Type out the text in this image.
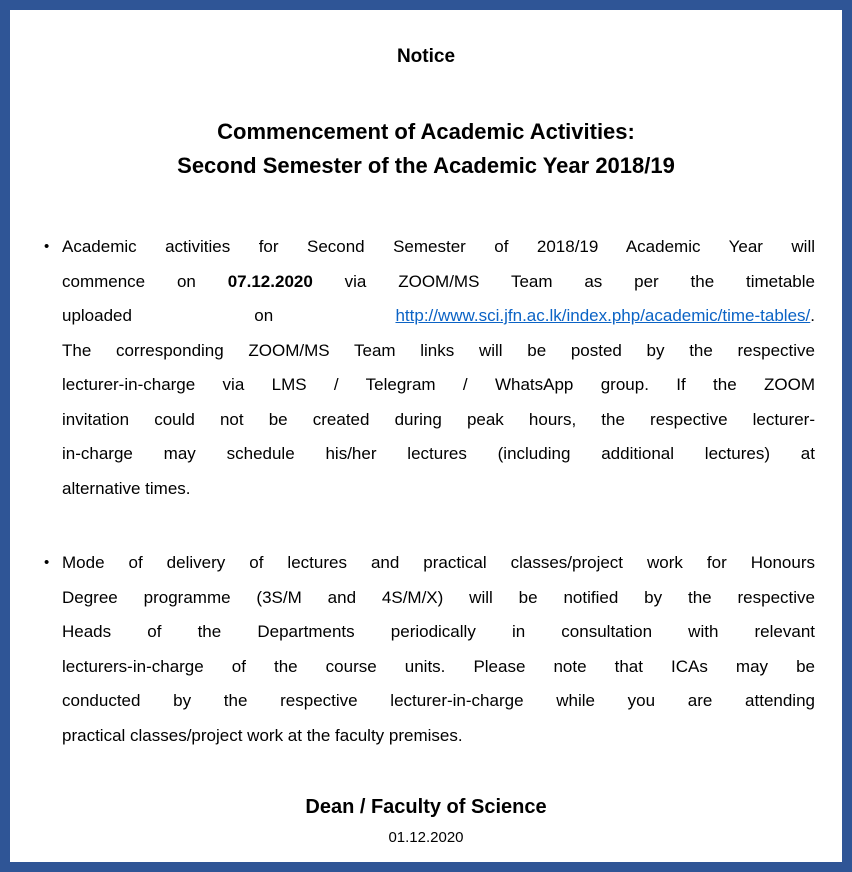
Notice
Commencement of Academic Activities:
Second Semester of the Academic Year 2018/19
• Academic activities for Second Semester of 2018/19 Academic Year will
commence on 07.12.2020 via ZOOM/MS Team as per the timetable
uploaded on http://www.sci.jfn.ac.lk/index.php/academic/time-tables/.
The corresponding ZOOM/MS Team links will be posted by the respective
lecturer-in-charge via LMS / Telegram / WhatsApp group. If the ZOOM
invitation could not be created during peak hours, the respective lecturer-
in-charge may schedule his/her lectures (including additional lectures) at
alternative times.
• Mode of delivery of lectures and practical classes/project work for Honours
Degree programme (3S/M and 4S/M/X) will be notified by the respective
Heads of the Departments periodically in consultation with relevant
lecturers-in-charge of the course units. Please note that ICAs may be
conducted by the respective lecturer-in-charge while you are attending
practical classes/project work at the faculty premises.
Dean / Faculty of Science
01.12.2020
